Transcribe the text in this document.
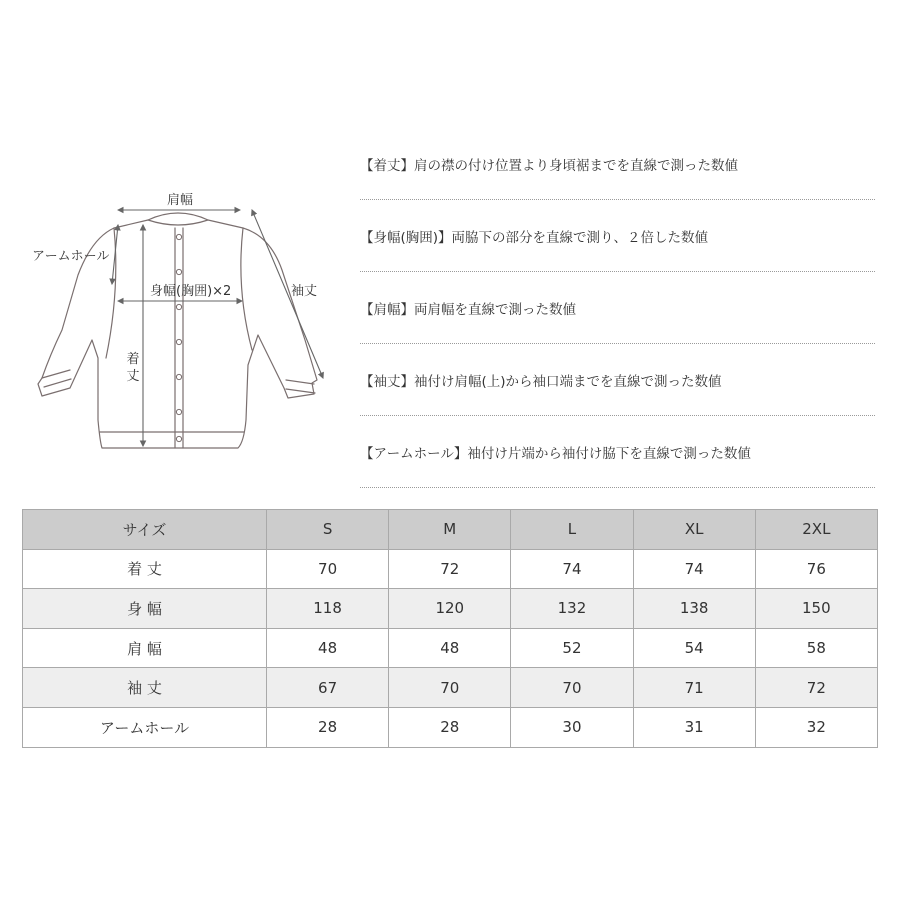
肩幅
アームホール
身幅(胸囲)×2	袖丈
着
丈
【着丈】肩の襟の付け位置より身頃裾までを直線で測った数値
【身幅(胸囲)】両脇下の部分を直線で測り、２倍した数値
【肩幅】両肩幅を直線で測った数値
【袖丈】袖付け肩幅(上)から袖口端までを直線で測った数値
【アームホール】袖付け片端から袖付け脇下を直線で測った数値
サイズ	S	M	L	XL	2XL
着 丈	70	72	74	74	76
身 幅	118	120	132	138	150
肩 幅	48	48	52	54	58
袖 丈	67	70	70	71	72
アームホール	28	28	30	31	32
